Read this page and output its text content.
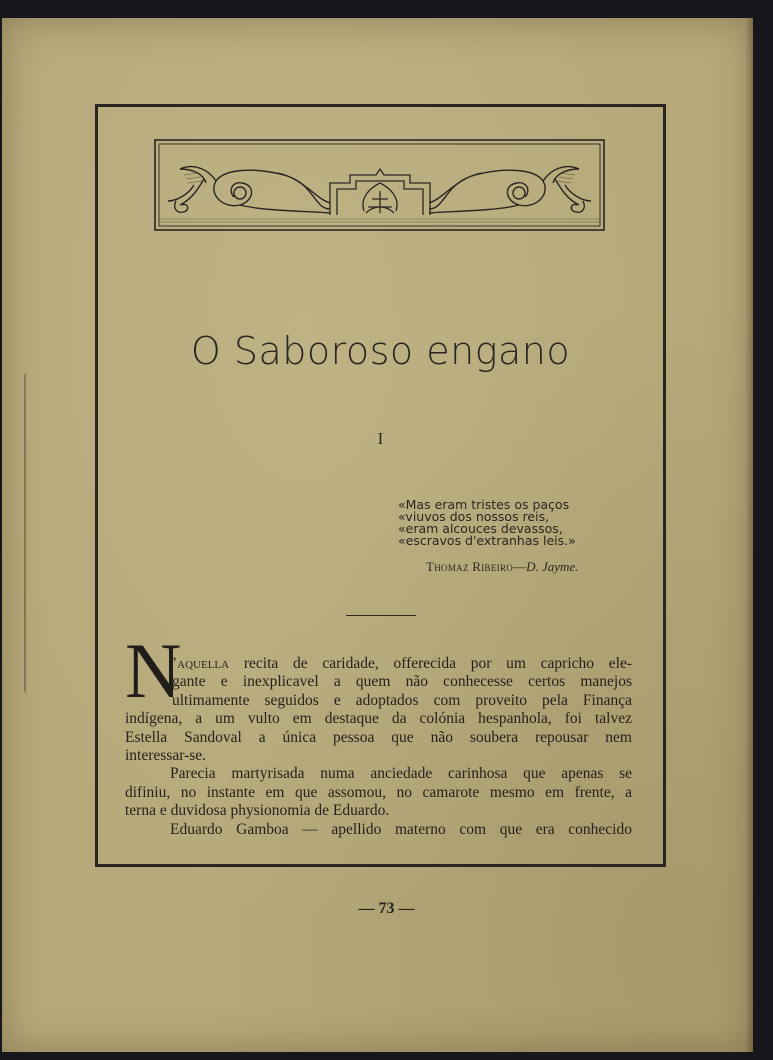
O Saboroso engano
I
«Mas eram tristes os paços
«viuvos dos nossos reis,
«eram alcouces devassos,
«escravos d'extranhas leis.»
Thomaz Ribeiro—D. Jayme.
N
’aquella recita de caridade, offerecida por um capricho ele-
gante e inexplicavel a quem não conhecesse certos manejos
ultimamente seguidos e adoptados com proveito pela Finança
indígena, a um vulto em destaque da colónia hespanhola, foi talvez
Estella Sandoval a única pessoa que não soubera repousar nem
interessar-se.
Parecia martyrisada numa anciedade carinhosa que apenas se
difiniu, no instante em que assomou, no camarote mesmo em frente, a
terna e duvidosa physionomia de Eduardo.
Eduardo Gamboa — apellido materno com que era conhecido
— 73 —
